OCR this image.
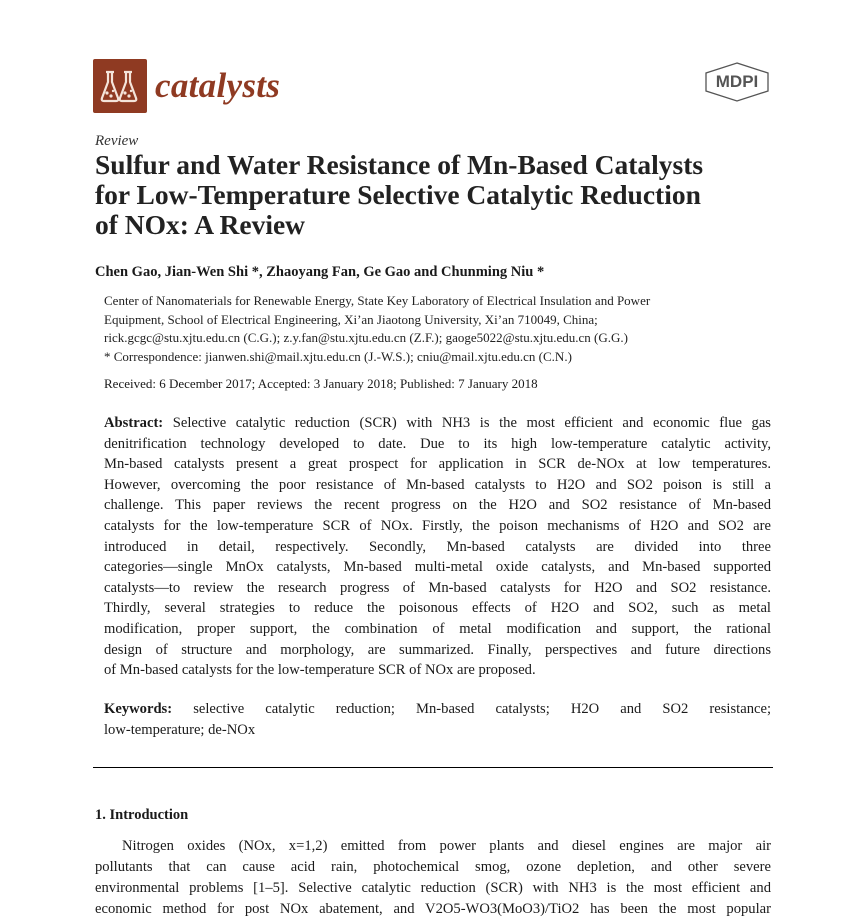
catalysts	MDPI
Review
Sulfur and Water Resistance of Mn-Based Catalysts
for Low-Temperature Selective Catalytic Reduction
of NOx: A Review
Chen Gao, Jian-Wen Shi *, Zhaoyang Fan, Ge Gao and Chunming Niu *
Center of Nanomaterials for Renewable Energy, State Key Laboratory of Electrical Insulation and Power
Equipment, School of Electrical Engineering, Xi’an Jiaotong University, Xi’an 710049, China;
rick.gcgc@stu.xjtu.edu.cn (C.G.); z.y.fan@stu.xjtu.edu.cn (Z.F.); gaoge5022@stu.xjtu.edu.cn (G.G.)
* Correspondence: jianwen.shi@mail.xjtu.edu.cn (J.-W.S.); cniu@mail.xjtu.edu.cn (C.N.)
Received: 6 December 2017; Accepted: 3 January 2018; Published: 7 January 2018
Abstract: Selective catalytic reduction (SCR) with NH3 is the most efficient and economic flue gas
denitrification technology developed to date. Due to its high low-temperature catalytic activity,
Mn-based catalysts present a great prospect for application in SCR de-NOx at low temperatures.
However, overcoming the poor resistance of Mn-based catalysts to H2O and SO2 poison is still a
challenge. This paper reviews the recent progress on the H2O and SO2 resistance of Mn-based
catalysts for the low-temperature SCR of NOx. Firstly, the poison mechanisms of H2O and SO2 are
introduced in detail, respectively. Secondly, Mn-based catalysts are divided into three
categories—single MnOx catalysts, Mn-based multi-metal oxide catalysts, and Mn-based supported
catalysts—to review the research progress of Mn-based catalysts for H2O and SO2 resistance.
Thirdly, several strategies to reduce the poisonous effects of H2O and SO2, such as metal
modification, proper support, the combination of metal modification and support, the rational
design of structure and morphology, are summarized. Finally, perspectives and future directions
of Mn-based catalysts for the low-temperature SCR of NOx are proposed.
Keywords: selective catalytic reduction; Mn-based catalysts; H2O and SO2 resistance;
low-temperature; de-NOx
1. Introduction
Nitrogen oxides (NOx, x=1,2) emitted from power plants and diesel engines are major air
pollutants that can cause acid rain, photochemical smog, ozone depletion, and other severe
environmental problems [1–5]. Selective catalytic reduction (SCR) with NH3 is the most efficient and
economic method for post NOx abatement, and V2O5-WO3(MoO3)/TiO2 has been the most popular
